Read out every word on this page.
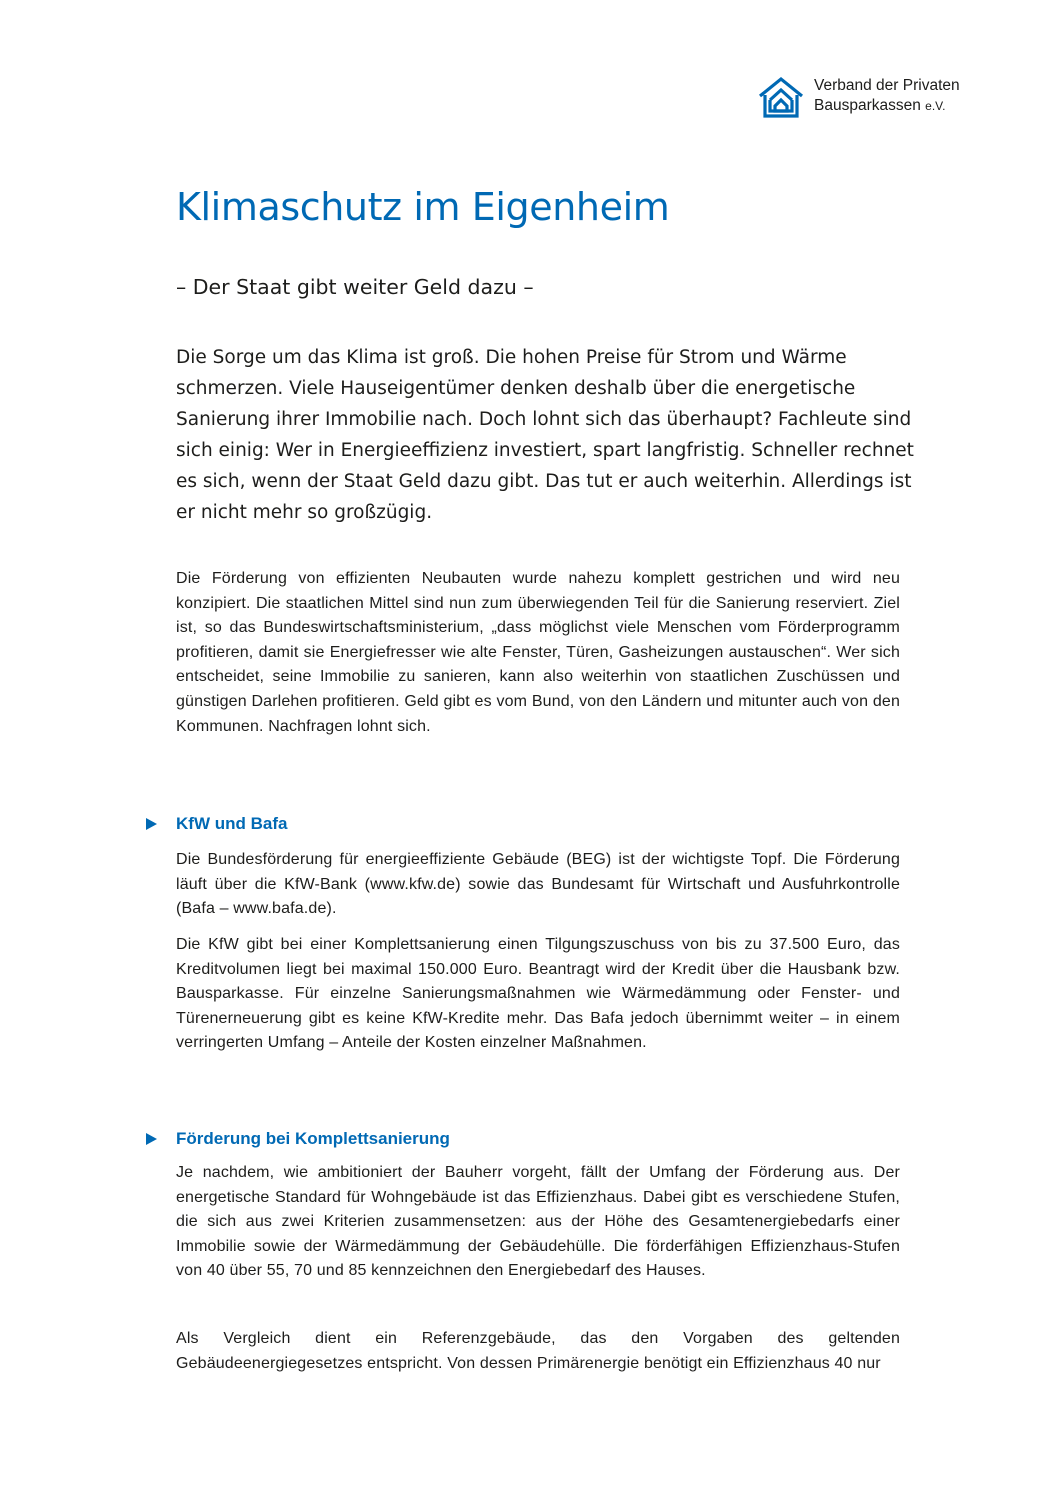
Verband der Privaten
Bausparkassen e.V.
Klimaschutz im Eigenheim

– Der Staat gibt weiter Geld dazu –

Die Sorge um das Klima ist groß. Die hohen Preise für Strom und Wärme schmerzen. Viele Hauseigentümer denken deshalb über die energetische Sanierung ihrer Immobilie nach. Doch lohnt sich das überhaupt? Fachleute sind sich einig: Wer in Energieeffizienz investiert, spart langfristig. Schneller rechnet es sich, wenn der Staat Geld dazu gibt. Das tut er auch weiterhin. Allerdings ist er nicht mehr so großzügig.

Die Förderung von effizienten Neubauten wurde nahezu komplett gestrichen und wird neu konzipiert. Die staatlichen Mittel sind nun zum überwiegenden Teil für die Sanierung reserviert. Ziel ist, so das Bundeswirtschaftsministerium, „dass möglichst viele Menschen vom Förderprogramm profitieren, damit sie Energiefresser wie alte Fenster, Türen, Gasheizungen austauschen“. Wer sich entscheidet, seine Immobilie zu sanieren, kann also weiterhin von staatlichen Zuschüssen und günstigen Darlehen profitieren. Geld gibt es vom Bund, von den Ländern und mitunter auch von den Kommunen. Nachfragen lohnt sich.

KfW und Bafa

Die Bundesförderung für energieeffiziente Gebäude (BEG) ist der wichtigste Topf. Die Förderung läuft über die KfW-Bank (www.kfw.de) sowie das Bundesamt für Wirtschaft und Ausfuhrkontrolle (Bafa – www.bafa.de).

Die KfW gibt bei einer Komplettsanierung einen Tilgungszuschuss von bis zu 37.500 Euro, das Kreditvolumen liegt bei maximal 150.000 Euro. Beantragt wird der Kredit über die Hausbank bzw. Bausparkasse. Für einzelne Sanierungsmaßnahmen wie Wärmedämmung oder Fenster- und Türenerneuerung gibt es keine KfW-Kredite mehr. Das Bafa jedoch übernimmt weiter – in einem verringerten Umfang – Anteile der Kosten einzelner Maßnahmen.

Förderung bei Komplettsanierung

Je nachdem, wie ambitioniert der Bauherr vorgeht, fällt der Umfang der Förderung aus. Der energetische Standard für Wohngebäude ist das Effizienzhaus. Dabei gibt es verschiedene Stufen, die sich aus zwei Kriterien zusammensetzen: aus der Höhe des Gesamtenergiebedarfs einer Immobilie sowie der Wärmedämmung der Gebäudehülle. Die förderfähigen Effizienzhaus-Stufen von 40 über 55, 70 und 85 kennzeichnen den Energiebedarf des Hauses.

Als Vergleich dient ein Referenzgebäude, das den Vorgaben des geltenden Gebäudeenergiegesetzes entspricht. Von dessen Primärenergie benötigt ein Effizienzhaus 40 nur
